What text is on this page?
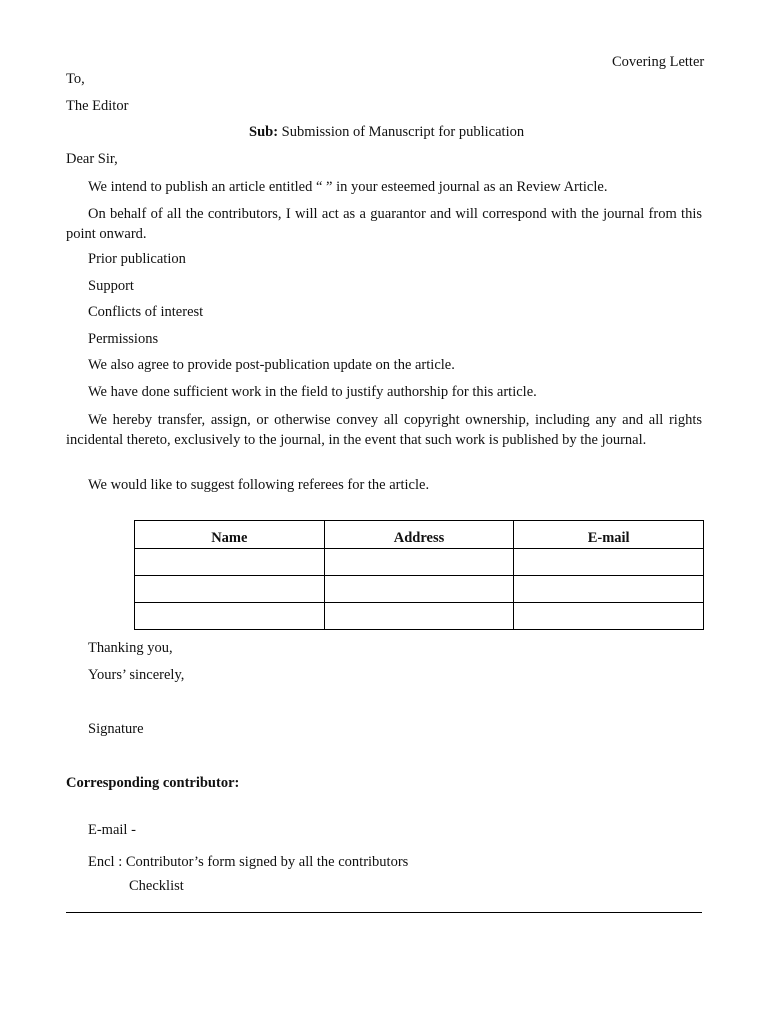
Covering Letter
To,
The Editor
Sub: Submission of Manuscript for publication
Dear Sir,
We intend to publish an article entitled “ ” in your esteemed journal as an Review Article.
On behalf of all the contributors, I will act as a guarantor and will correspond with the journal from this point onward.
Prior publication
Support
Conflicts of interest
Permissions
We also agree to provide post-publication update on the article.
We have done sufficient work in the field to justify authorship for this article.
We hereby transfer, assign, or otherwise convey all copyright ownership, including any and all rights incidental thereto, exclusively to the journal, in the event that such work is published by the journal.
We would like to suggest following referees for the article.
Name	Address	E-mail

Thanking you,
Yours’ sincerely,
Signature
Corresponding contributor:
E-mail -
Encl : Contributor’s form signed by all the contributors
Checklist
